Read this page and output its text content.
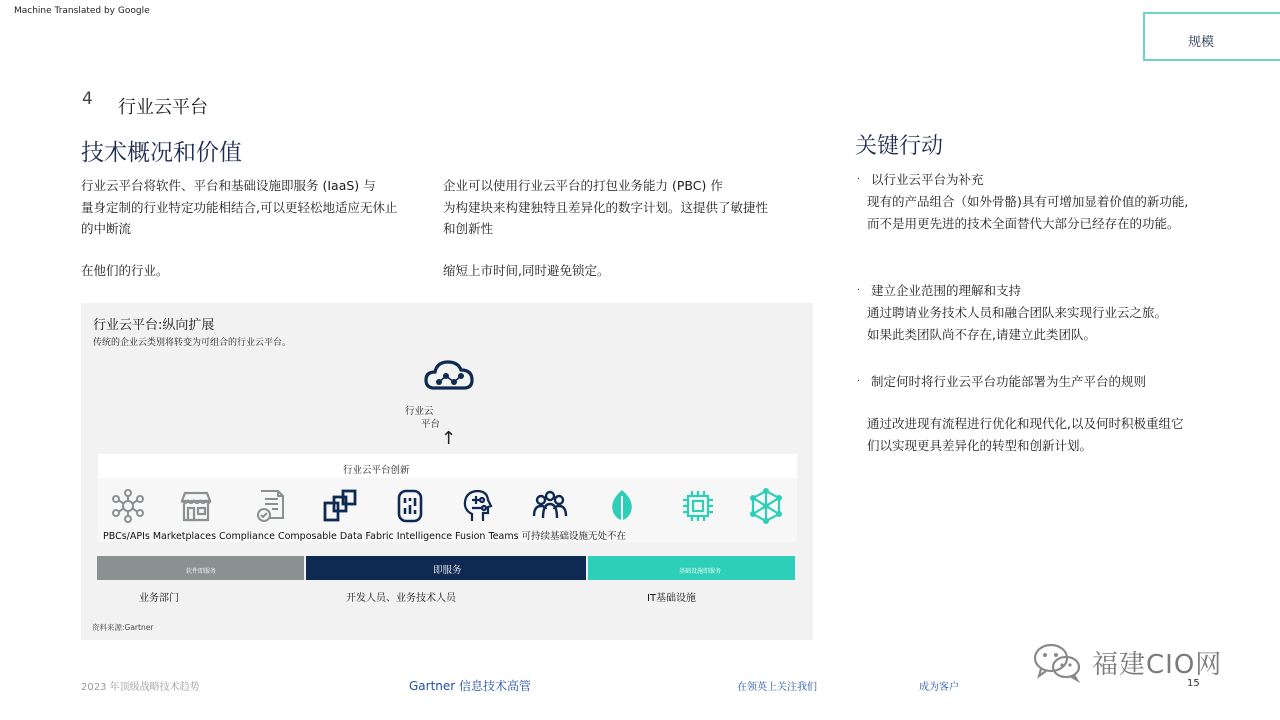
Machine Translated by Google
规模
4 行业云平台
技术概况和价值
行业云平台将软件、平台和基础设施即服务 (IaaS) 与
量身定制的行业特定功能相结合,可以更轻松地适应无休止
的中断流
在他们的行业。
企业可以使用行业云平台的打包业务能力 (PBC) 作
为构建块来构建独特且差异化的数字计划。这提供了敏捷性
和创新性
缩短上市时间,同时避免锁定。
关键行动
· 以行业云平台为补充
现有的产品组合（如外骨骼)具有可增加显着价值的新功能,
而不是用更先进的技术全面替代大部分已经存在的功能。
· 建立企业范围的理解和支持
通过聘请业务技术人员和融合团队来实现行业云之旅。
如果此类团队尚不存在,请建立此类团队。
· 制定何时将行业云平台功能部署为生产平台的规则
通过改进现有流程进行优化和现代化,以及何时积极重组它
们以实现更具差异化的转型和创新计划。
行业云平台:纵向扩展
传统的企业云类别将转变为可组合的行业云平台。
行业云
平台
↑
行业云平台创新
PBCs/APIs Marketplaces Compliance Composable Data Fabric Intelligence Fusion Teams 可持续基础设施无处不在
软件即服务	即服务	基础设施即服务
业务部门	开发人员、业务技术人员	IT基础设施
资料来源:Gartner
2023 年顶级战略技术趋势	Gartner 信息技术高管	在领英上关注我们	成为客户	15
福建CIO网
